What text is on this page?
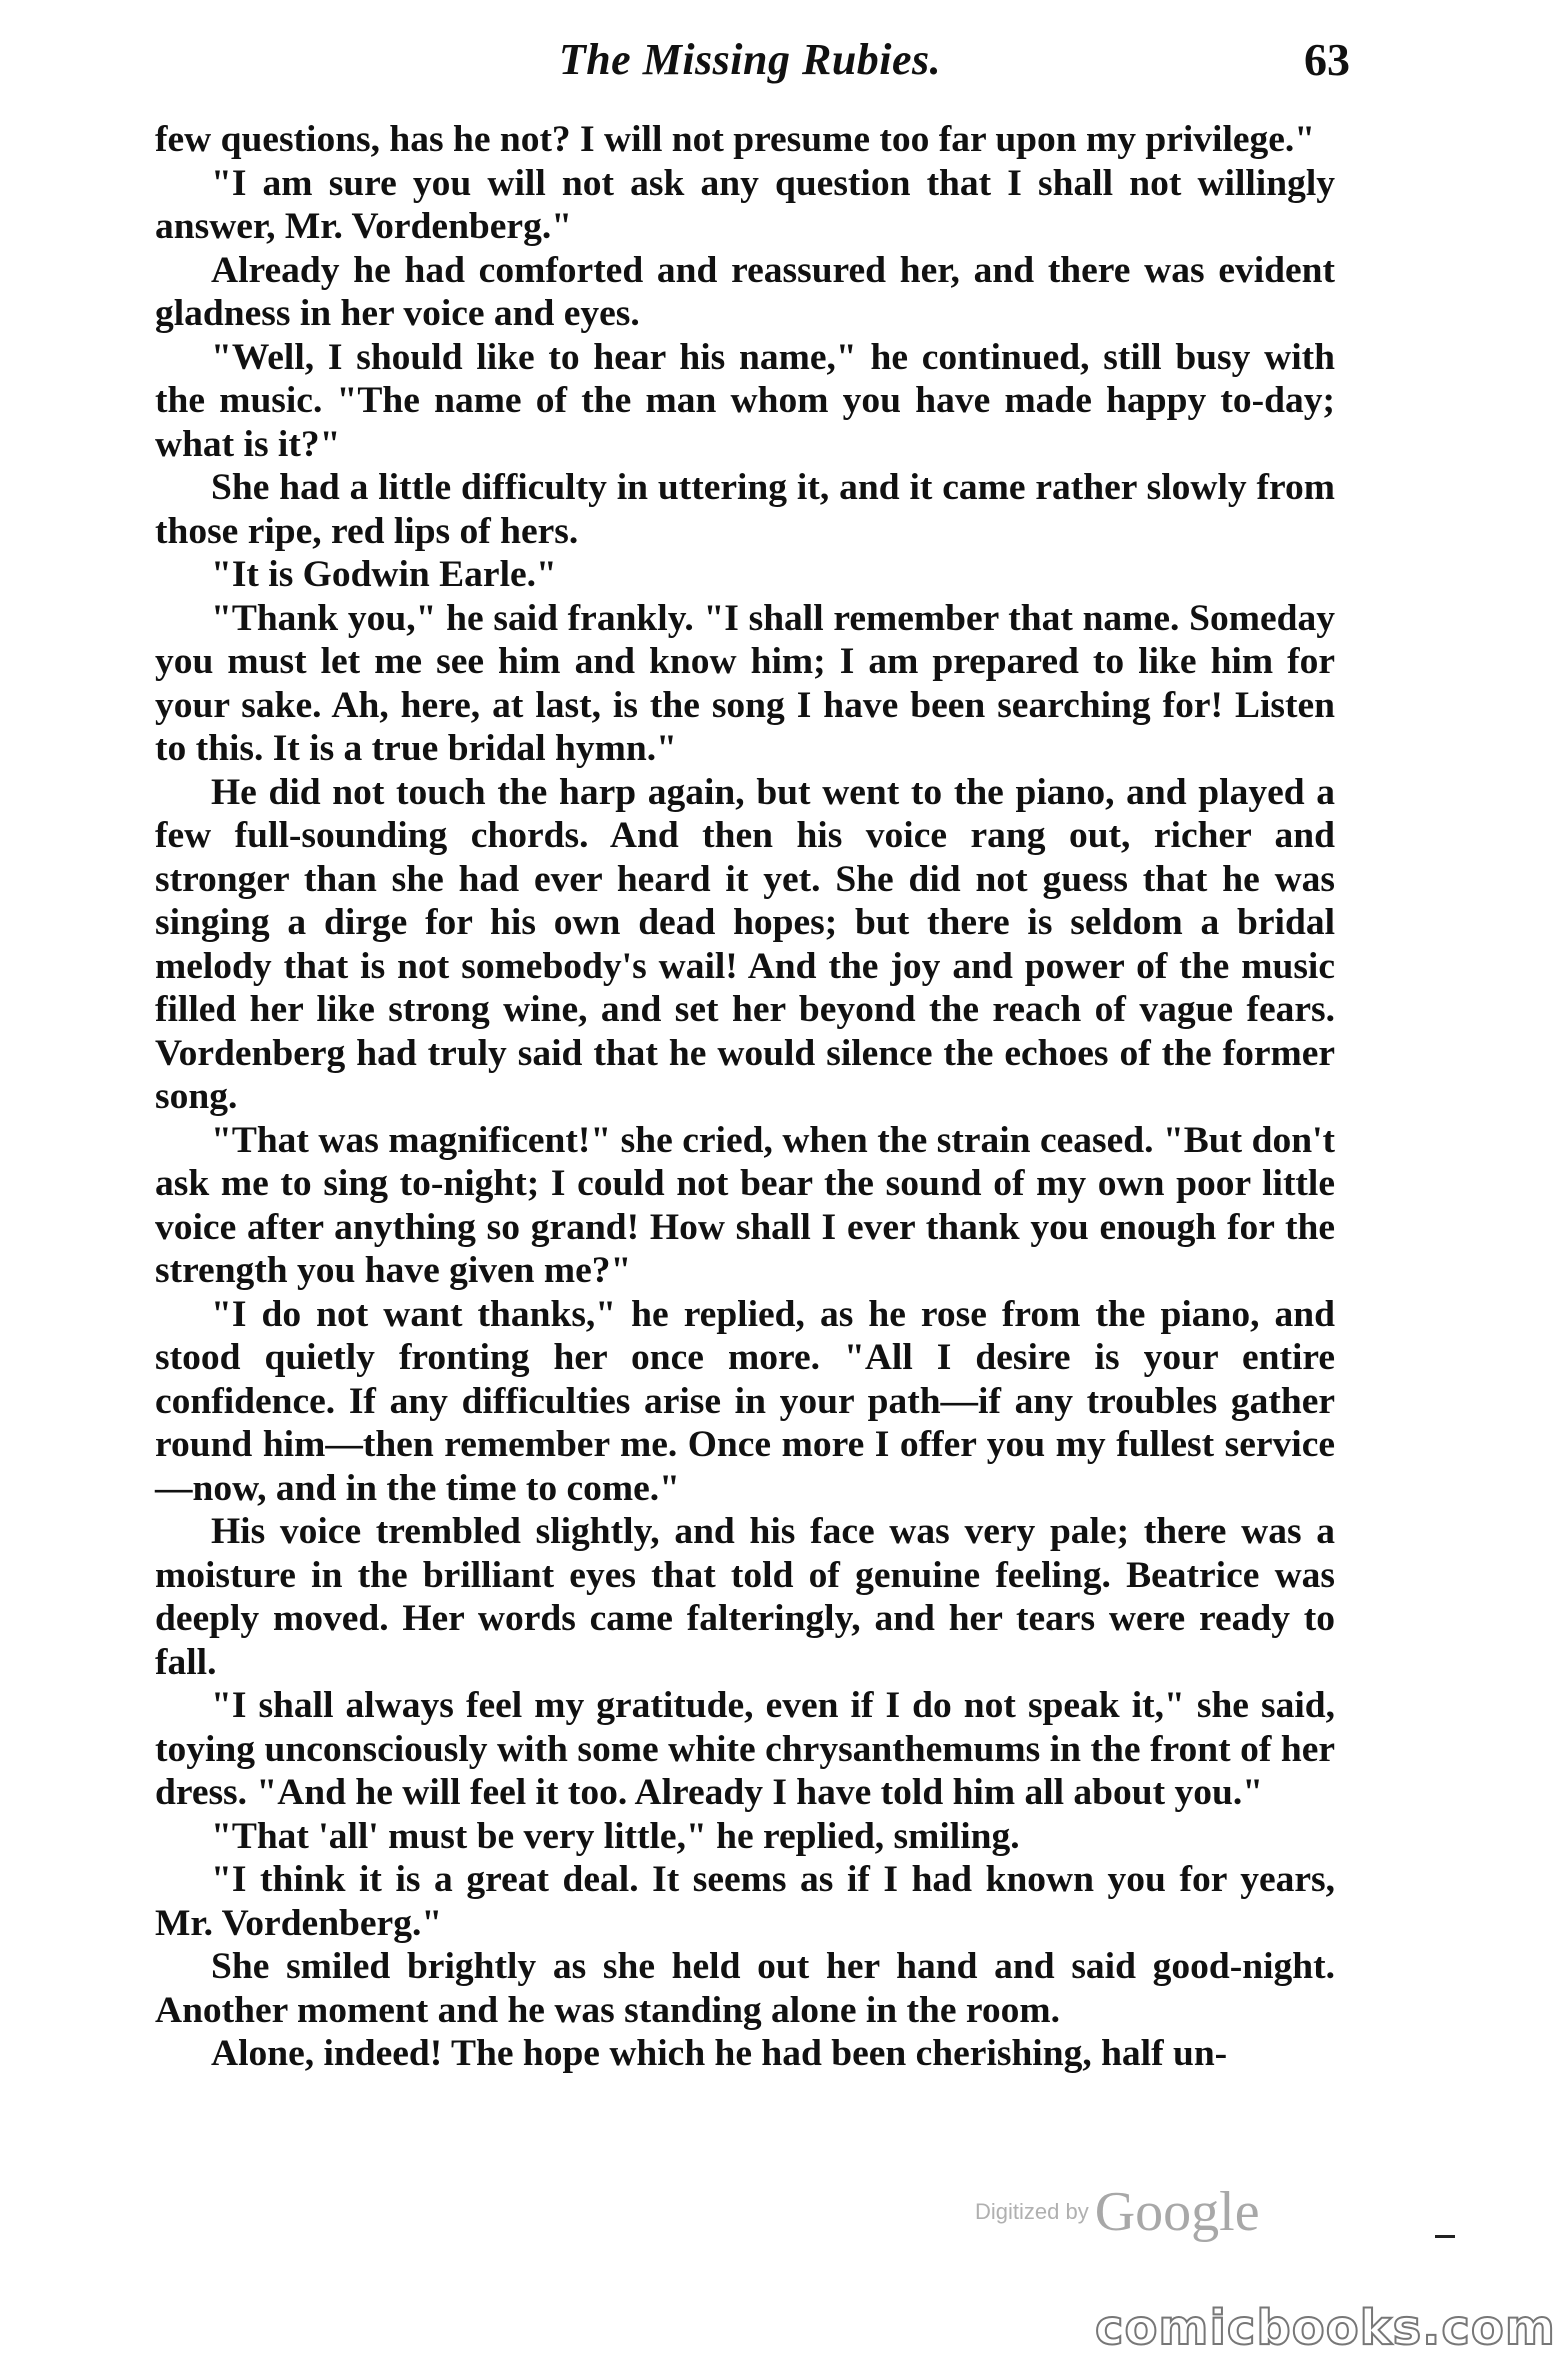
The Missing Rubies.	63

few questions, has he not? I will not presume too far upon my privilege."

"I am sure you will not ask any question that I shall not willingly answer, Mr. Vordenberg."

Already he had comforted and reassured her, and there was evident gladness in her voice and eyes.

"Well, I should like to hear his name," he continued, still busy with the music. "The name of the man whom you have made happy to-day; what is it?"

She had a little difficulty in uttering it, and it came rather slowly from those ripe, red lips of hers.

"It is Godwin Earle."

"Thank you," he said frankly. "I shall remember that name. Someday you must let me see him and know him; I am prepared to like him for your sake. Ah, here, at last, is the song I have been searching for! Listen to this. It is a true bridal hymn."

He did not touch the harp again, but went to the piano, and played a few full-sounding chords. And then his voice rang out, richer and stronger than she had ever heard it yet. She did not guess that he was singing a dirge for his own dead hopes; but there is seldom a bridal melody that is not somebody's wail! And the joy and power of the music filled her like strong wine, and set her beyond the reach of vague fears. Vordenberg had truly said that he would silence the echoes of the former song.

"That was magnificent!" she cried, when the strain ceased. "But don't ask me to sing to-night; I could not bear the sound of my own poor little voice after anything so grand! How shall I ever thank you enough for the strength you have given me?"

"I do not want thanks," he replied, as he rose from the piano, and stood quietly fronting her once more. "All I desire is your entire confidence. If any difficulties arise in your path—if any troubles gather round him—then remember me. Once more I offer you my fullest service—now, and in the time to come."

His voice trembled slightly, and his face was very pale; there was a moisture in the brilliant eyes that told of genuine feeling. Beatrice was deeply moved. Her words came falteringly, and her tears were ready to fall.

"I shall always feel my gratitude, even if I do not speak it," she said, toying unconsciously with some white chrysanthemums in the front of her dress. "And he will feel it too. Already I have told him all about you."

"That 'all' must be very little," he replied, smiling.

"I think it is a great deal. It seems as if I had known you for years, Mr. Vordenberg."

She smiled brightly as she held out her hand and said good-night. Another moment and he was standing alone in the room.

Alone, indeed! The hope which he had been cherishing, half un-

Digitized by Google
comicbooks.com
